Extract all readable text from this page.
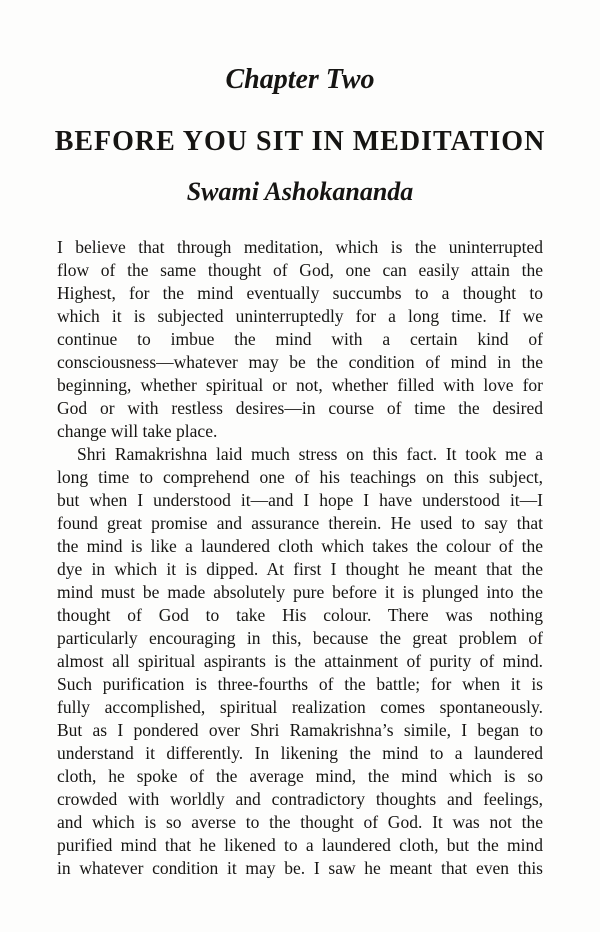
Chapter Two
BEFORE YOU SIT IN MEDITATION
Swami Ashokananda
I believe that through meditation, which is the uninterrupted
flow of the same thought of God, one can easily attain the
Highest, for the mind eventually succumbs to a thought to
which it is subjected uninterruptedly for a long time. If we
continue to imbue the mind with a certain kind of
consciousness—whatever may be the condition of mind in the
beginning, whether spiritual or not, whether filled with love for
God or with restless desires—in course of time the desired
change will take place.
Shri Ramakrishna laid much stress on this fact. It took me a
long time to comprehend one of his teachings on this subject,
but when I understood it—and I hope I have understood it—I
found great promise and assurance therein. He used to say that
the mind is like a laundered cloth which takes the colour of the
dye in which it is dipped. At first I thought he meant that the
mind must be made absolutely pure before it is plunged into the
thought of God to take His colour. There was nothing
particularly encouraging in this, because the great problem of
almost all spiritual aspirants is the attainment of purity of mind.
Such purification is three-fourths of the battle; for when it is
fully accomplished, spiritual realization comes spontaneously.
But as I pondered over Shri Ramakrishna’s simile, I began to
understand it differently. In likening the mind to a laundered
cloth, he spoke of the average mind, the mind which is so
crowded with worldly and contradictory thoughts and feelings,
and which is so averse to the thought of God. It was not the
purified mind that he likened to a laundered cloth, but the mind
in whatever condition it may be. I saw he meant that even this
